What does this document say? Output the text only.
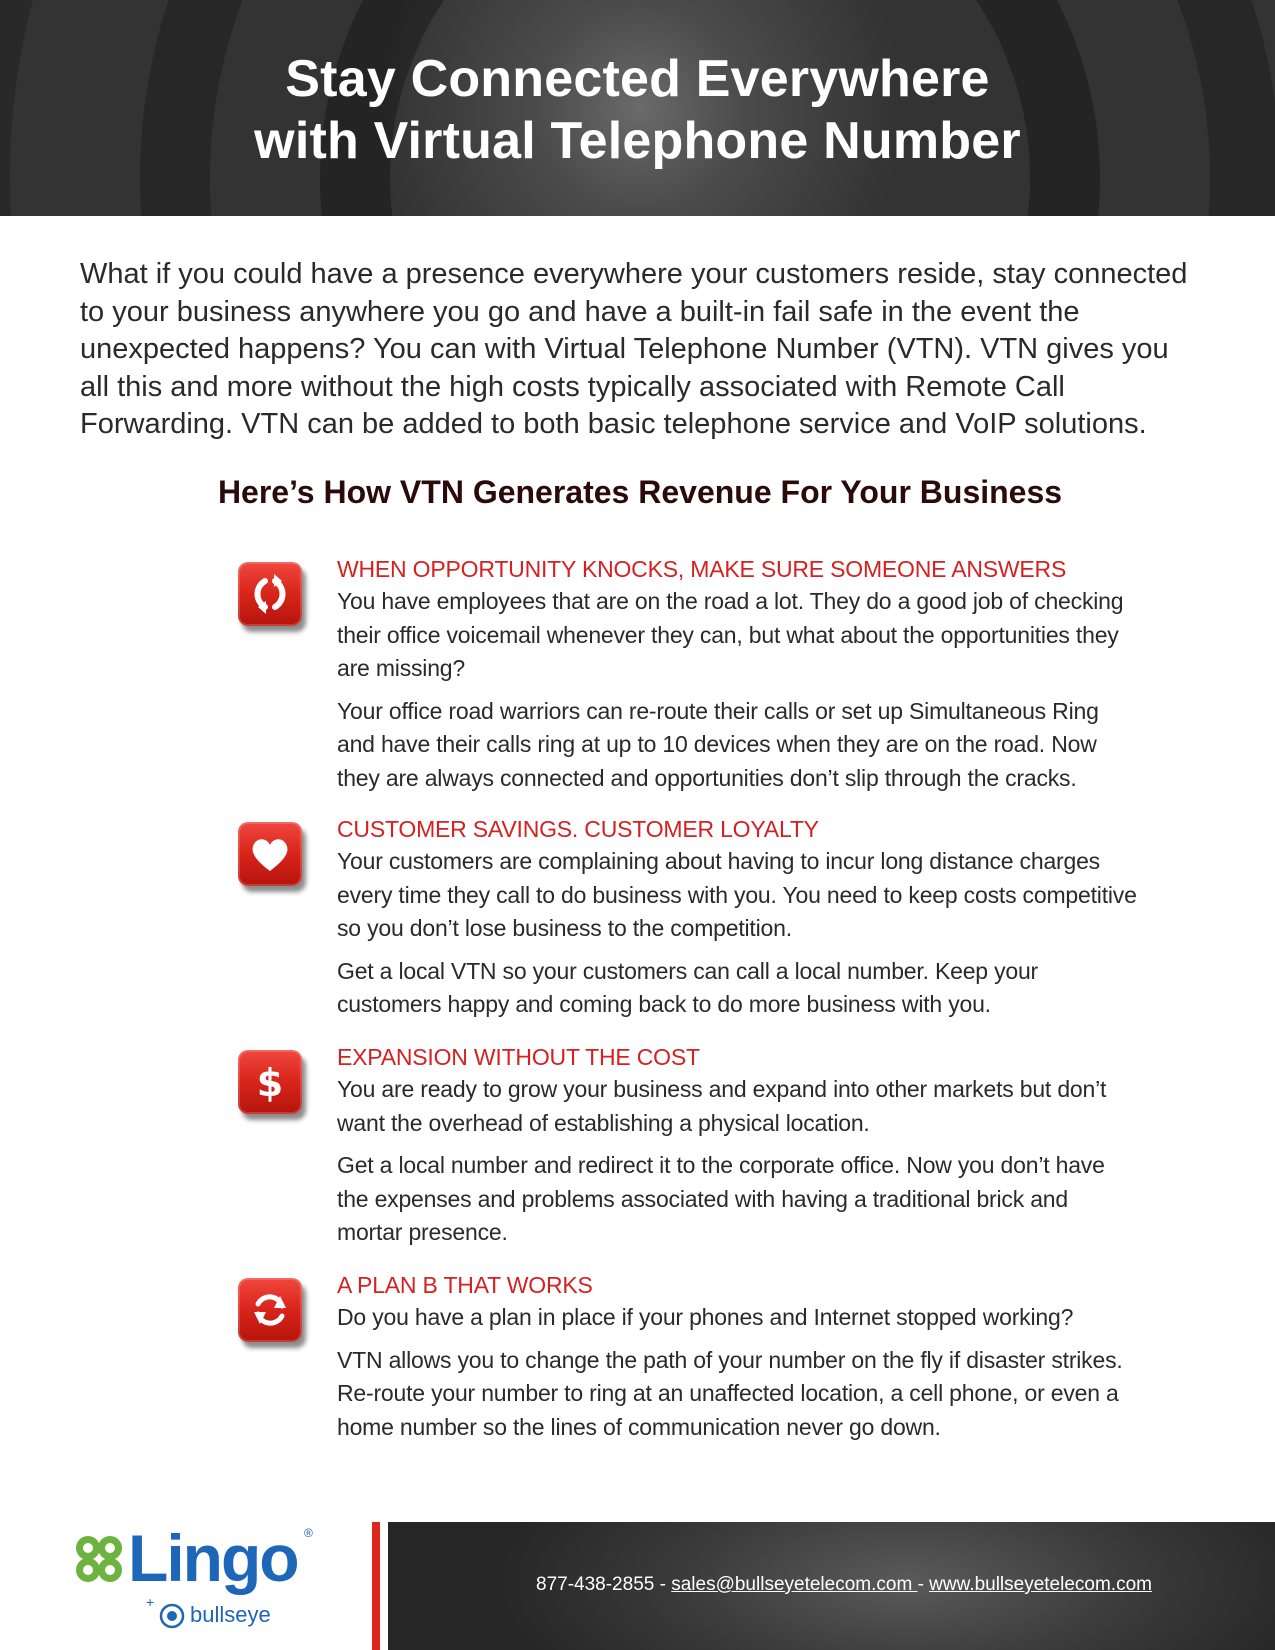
Stay Connected Everywhere
with Virtual Telephone Number
What if you could have a presence everywhere your customers reside, stay connected to your business anywhere you go and have a built-in fail safe in the event the unexpected happens? You can with Virtual Telephone Number (VTN). VTN gives you all this and more without the high costs typically associated with Remote Call Forwarding. VTN can be added to both basic telephone service and VoIP solutions.
Here’s How VTN Generates Revenue For Your Business
WHEN OPPORTUNITY KNOCKS, MAKE SURE SOMEONE ANSWERS
You have employees that are on the road a lot. They do a good job of checking their office voicemail whenever they can, but what about the opportunities they are missing?
Your office road warriors can re-route their calls or set up Simultaneous Ring and have their calls ring at up to 10 devices when they are on the road. Now they are always connected and opportunities don’t slip through the cracks.
CUSTOMER SAVINGS. CUSTOMER LOYALTY
Your customers are complaining about having to incur long distance charges every time they call to do business with you. You need to keep costs competitive so you don’t lose business to the competition.
Get a local VTN so your customers can call a local number. Keep your customers happy and coming back to do more business with you.
$
EXPANSION WITHOUT THE COST
You are ready to grow your business and expand into other markets but don’t want the overhead of establishing a physical location.
Get a local number and redirect it to the corporate office. Now you don’t have the expenses and problems associated with having a traditional brick and mortar presence.
A PLAN B THAT WORKS
Do you have a plan in place if your phones and Internet stopped working?
VTN allows you to change the path of your number on the fly if disaster strikes. Re-route your number to ring at an unaffected location, a cell phone, or even a home number so the lines of communication never go down.
Lingo ®
+ bullseye
877-438-2855 - sales@bullseyetelecom.com - www.bullseyetelecom.com
